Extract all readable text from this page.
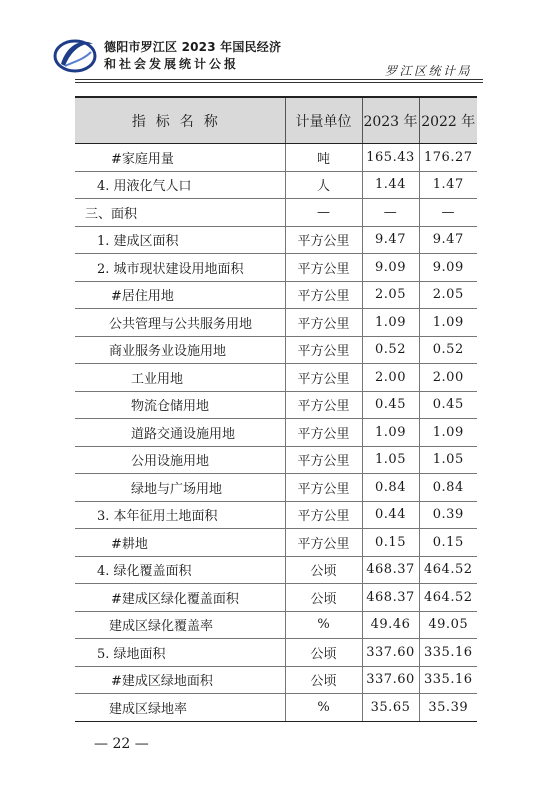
德阳市罗江区 2023 年国民经济
和社会发展统计公报	罗江区统计局
指标名称	计量单位	2023 年	2022 年
#家庭用量	吨	165.43	176.27
4. 用液化气人口	人	1.44	1.47
三、面积	—	—	—
1. 建成区面积	平方公里	9.47	9.47
2. 城市现状建设用地面积	平方公里	9.09	9.09
#居住用地	平方公里	2.05	2.05
公共管理与公共服务用地	平方公里	1.09	1.09
商业服务业设施用地	平方公里	0.52	0.52
工业用地	平方公里	2.00	2.00
物流仓储用地	平方公里	0.45	0.45
道路交通设施用地	平方公里	1.09	1.09
公用设施用地	平方公里	1.05	1.05
绿地与广场用地	平方公里	0.84	0.84
3. 本年征用土地面积	平方公里	0.44	0.39
#耕地	平方公里	0.15	0.15
4. 绿化覆盖面积	公顷	468.37	464.52
#建成区绿化覆盖面积	公顷	468.37	464.52
建成区绿化覆盖率	%	49.46	49.05
5. 绿地面积	公顷	337.60	335.16
#建成区绿地面积	公顷	337.60	335.16
建成区绿地率	%	35.65	35.39
— 22 —
